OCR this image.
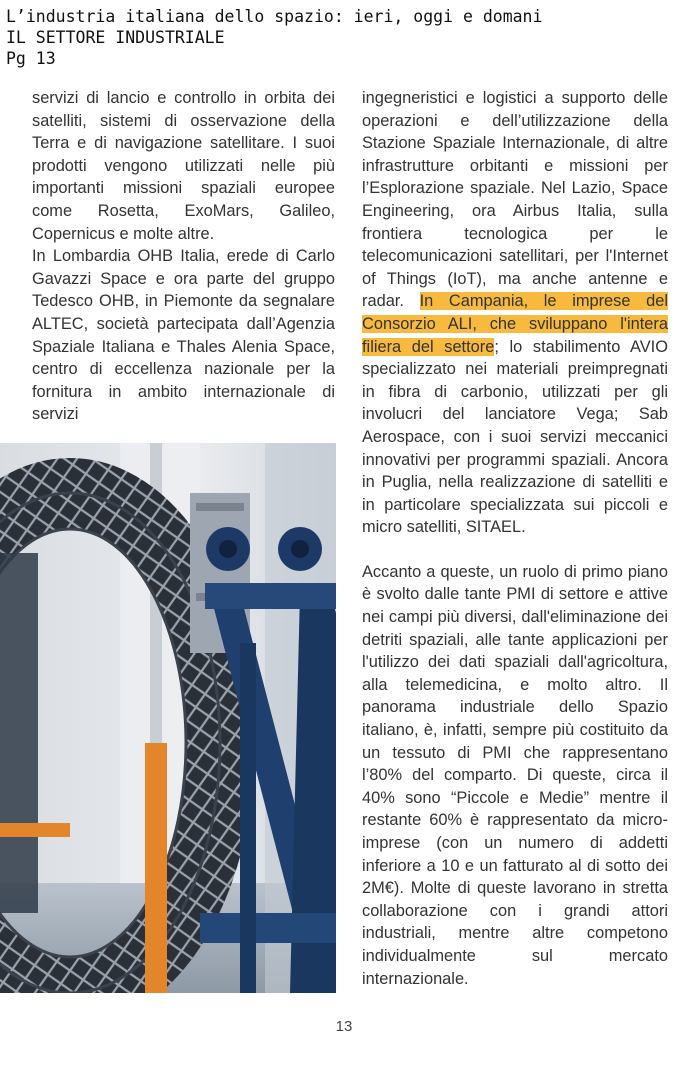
L’industria italiana dello spazio: ieri, oggi e domani
IL SETTORE INDUSTRIALE
Pg 13

servizi di lancio e controllo in orbita dei satelliti, sistemi di osservazione della Terra e di navigazione satellitare. I suoi prodotti vengono utilizzati nelle più importanti missioni spaziali europee come Rosetta, ExoMars, Galileo, Copernicus e molte altre.

In Lombardia OHB Italia, erede di Carlo Gavazzi Space e ora parte del gruppo Tedesco OHB, in Piemonte da segnalare ALTEC, società partecipata dall’Agenzia Spaziale Italiana e Thales Alenia Space, centro di eccellenza nazionale per la fornitura in ambito internazionale di servizi

ingegneristici e logistici a supporto delle operazioni e dell’utilizzazione della Stazione Spaziale Internazionale, di altre infrastrutture orbitanti e missioni per l’Esplorazione spaziale. Nel Lazio, Space Engineering, ora Airbus Italia, sulla frontiera tecnologica per le telecomunicazioni satellitari, per l'Internet of Things (IoT), ma anche antenne e radar. In Campania, le imprese del Consorzio ALI, che sviluppano l'intera filiera del settore; lo stabilimento AVIO specializzato nei materiali preimpregnati in fibra di carbonio, utilizzati per gli involucri del lanciatore Vega; Sab Aerospace, con i suoi servizi meccanici innovativi per programmi spaziali. Ancora in Puglia, nella realizzazione di satelliti e in particolare specializzata sui piccoli e micro satelliti, SITAEL.

Accanto a queste, un ruolo di primo piano è svolto dalle tante PMI di settore e attive nei campi più diversi, dall'eliminazione dei detriti spaziali, alle tante applicazioni per l'utilizzo dei dati spaziali dall'agricoltura, alla telemedicina, e molto altro. Il panorama industriale dello Spazio italiano, è, infatti, sempre più costituito da un tessuto di PMI che rappresentano l’80% del comparto. Di queste, circa il 40% sono “Piccole e Medie” mentre il restante 60% è rappresentato da micro-imprese (con un numero di addetti inferiore a 10 e un fatturato al di sotto dei 2M€). Molte di queste lavorano in stretta collaborazione con i grandi attori industriali, mentre altre competono individualmente sul mercato internazionale.

13
